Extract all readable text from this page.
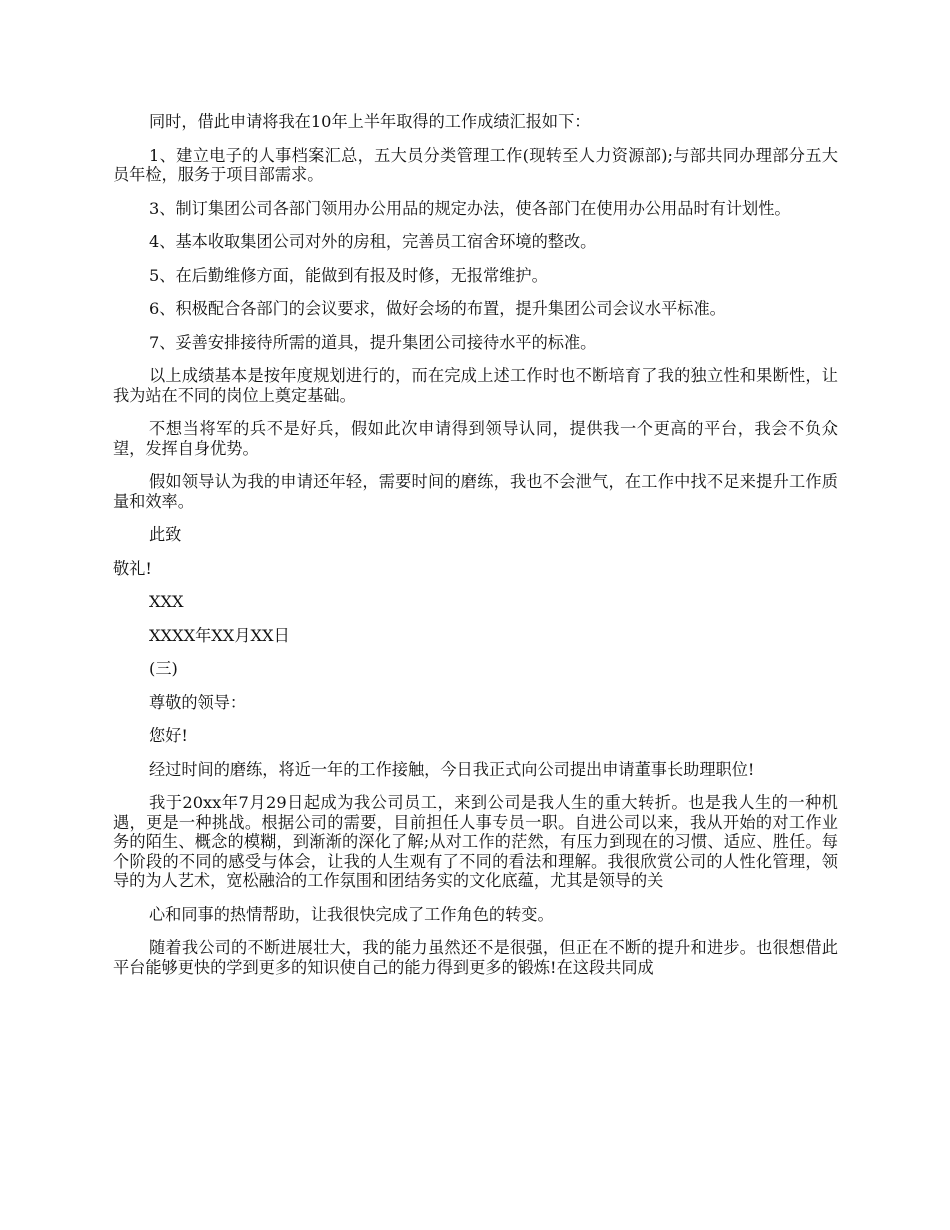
同时，借此申请将我在10年上半年取得的工作成绩汇报如下：

1、建立电子的人事档案汇总，五大员分类管理工作(现转至人力资源部);与部共同办理部分五大员年检，服务于项目部需求。

3、制订集团公司各部门领用办公用品的规定办法，使各部门在使用办公用品时有计划性。

4、基本收取集团公司对外的房租，完善员工宿舍环境的整改。

5、在后勤维修方面，能做到有报及时修，无报常维护。

6、积极配合各部门的会议要求，做好会场的布置，提升集团公司会议水平标准。

7、妥善安排接待所需的道具，提升集团公司接待水平的标准。

以上成绩基本是按年度规划进行的，而在完成上述工作时也不断培育了我的独立性和果断性，让我为站在不同的岗位上奠定基础。

不想当将军的兵不是好兵，假如此次申请得到领导认同，提供我一个更高的平台，我会不负众望，发挥自身优势。

假如领导认为我的申请还年轻，需要时间的磨练，我也不会泄气，在工作中找不足来提升工作质量和效率。

此致

敬礼!

XXX

XXXX年XX月XX日

(三)

尊敬的领导：

您好!

经过时间的磨练，将近一年的工作接触，今日我正式向公司提出申请董事长助理职位!

我于20xx年7月29日起成为我公司员工，来到公司是我人生的重大转折。也是我人生的一种机遇，更是一种挑战。根据公司的需要，目前担任人事专员一职。自进公司以来，我从开始的对工作业务的陌生、概念的模糊，到渐渐的深化了解;从对工作的茫然，有压力到现在的习惯、适应、胜任。每个阶段的不同的感受与体会，让我的人生观有了不同的看法和理解。我很欣赏公司的人性化管理，领导的为人艺术，宽松融洽的工作氛围和团结务实的文化底蕴，尤其是领导的关

心和同事的热情帮助，让我很快完成了工作角色的转变。

随着我公司的不断进展壮大，我的能力虽然还不是很强，但正在不断的提升和进步。也很想借此平台能够更快的学到更多的知识使自己的能力得到更多的锻炼!在这段共同成
